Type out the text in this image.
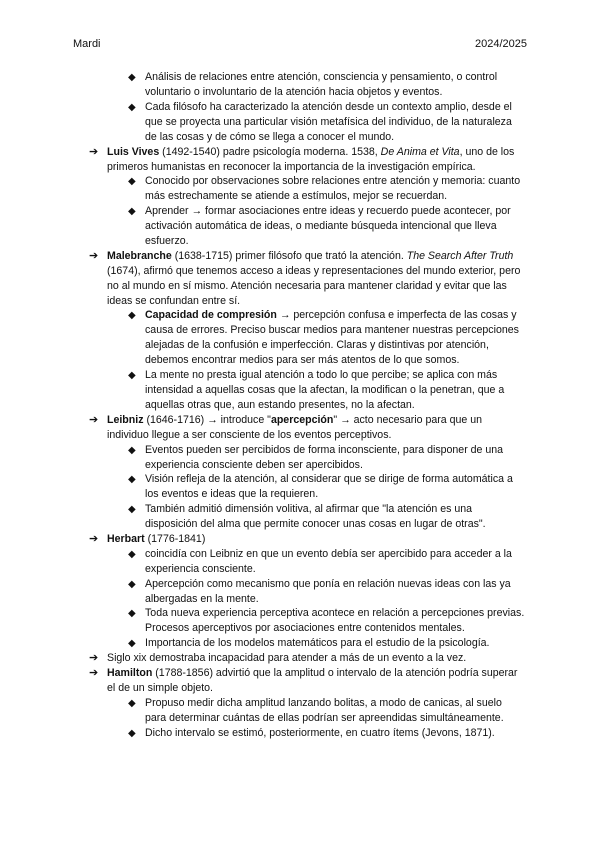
Mardi	2024/2025
◆ Análisis de relaciones entre atención, consciencia y pensamiento, o control voluntario o involuntario de la atención hacia objetos y eventos.
◆ Cada filósofo ha caracterizado la atención desde un contexto amplio, desde el que se proyecta una particular visión metafísica del individuo, de la naturaleza de las cosas y de cómo se llega a conocer el mundo.
➔ Luis Vives (1492-1540) padre psicología moderna. 1538, De Anima et Vita, uno de los primeros humanistas en reconocer la importancia de la investigación empírica.
◆ Conocido por observaciones sobre relaciones entre atención y memoria: cuanto más estrechamente se atiende a estímulos, mejor se recuerdan.
◆ Aprender → formar asociaciones entre ideas y recuerdo puede acontecer, por activación automática de ideas, o mediante búsqueda intencional que lleva esfuerzo.
➔ Malebranche (1638-1715) primer filósofo que trató la atención. The Search After Truth (1674), afirmó que tenemos acceso a ideas y representaciones del mundo exterior, pero no al mundo en sí mismo. Atención necesaria para mantener claridad y evitar que las ideas se confundan entre sí.
◆ Capacidad de compresión → percepción confusa e imperfecta de las cosas y causa de errores. Preciso buscar medios para mantener nuestras percepciones alejadas de la confusión e imperfección. Claras y distintivas por atención, debemos encontrar medios para ser más atentos de lo que somos.
◆ La mente no presta igual atención a todo lo que percibe; se aplica con más intensidad a aquellas cosas que la afectan, la modifican o la penetran, que a aquellas otras que, aun estando presentes, no la afectan.
➔ Leibniz (1646-1716) → introduce "apercepción" → acto necesario para que un individuo llegue a ser consciente de los eventos perceptivos.
◆ Eventos pueden ser percibidos de forma inconsciente, para disponer de una experiencia consciente deben ser apercibidos.
◆ Visión refleja de la atención, al considerar que se dirige de forma automática a los eventos e ideas que la requieren.
◆ También admitió dimensión volitiva, al afirmar que "la atención es una disposición del alma que permite conocer unas cosas en lugar de otras".
➔ Herbart (1776-1841)
◆ coincidía con Leibniz en que un evento debía ser apercibido para acceder a la experiencia consciente.
◆ Apercepción como mecanismo que ponía en relación nuevas ideas con las ya albergadas en la mente.
◆ Toda nueva experiencia perceptiva acontece en relación a percepciones previas. Procesos aperceptivos por asociaciones entre contenidos mentales.
◆ Importancia de los modelos matemáticos para el estudio de la psicología.
➔ Siglo xix demostraba incapacidad para atender a más de un evento a la vez.
➔ Hamilton (1788-1856) advirtió que la amplitud o intervalo de la atención podría superar el de un simple objeto.
◆ Propuso medir dicha amplitud lanzando bolitas, a modo de canicas, al suelo para determinar cuántas de ellas podrían ser apreendidas simultáneamente.
◆ Dicho intervalo se estimó, posteriormente, en cuatro ítems (Jevons, 1871).
